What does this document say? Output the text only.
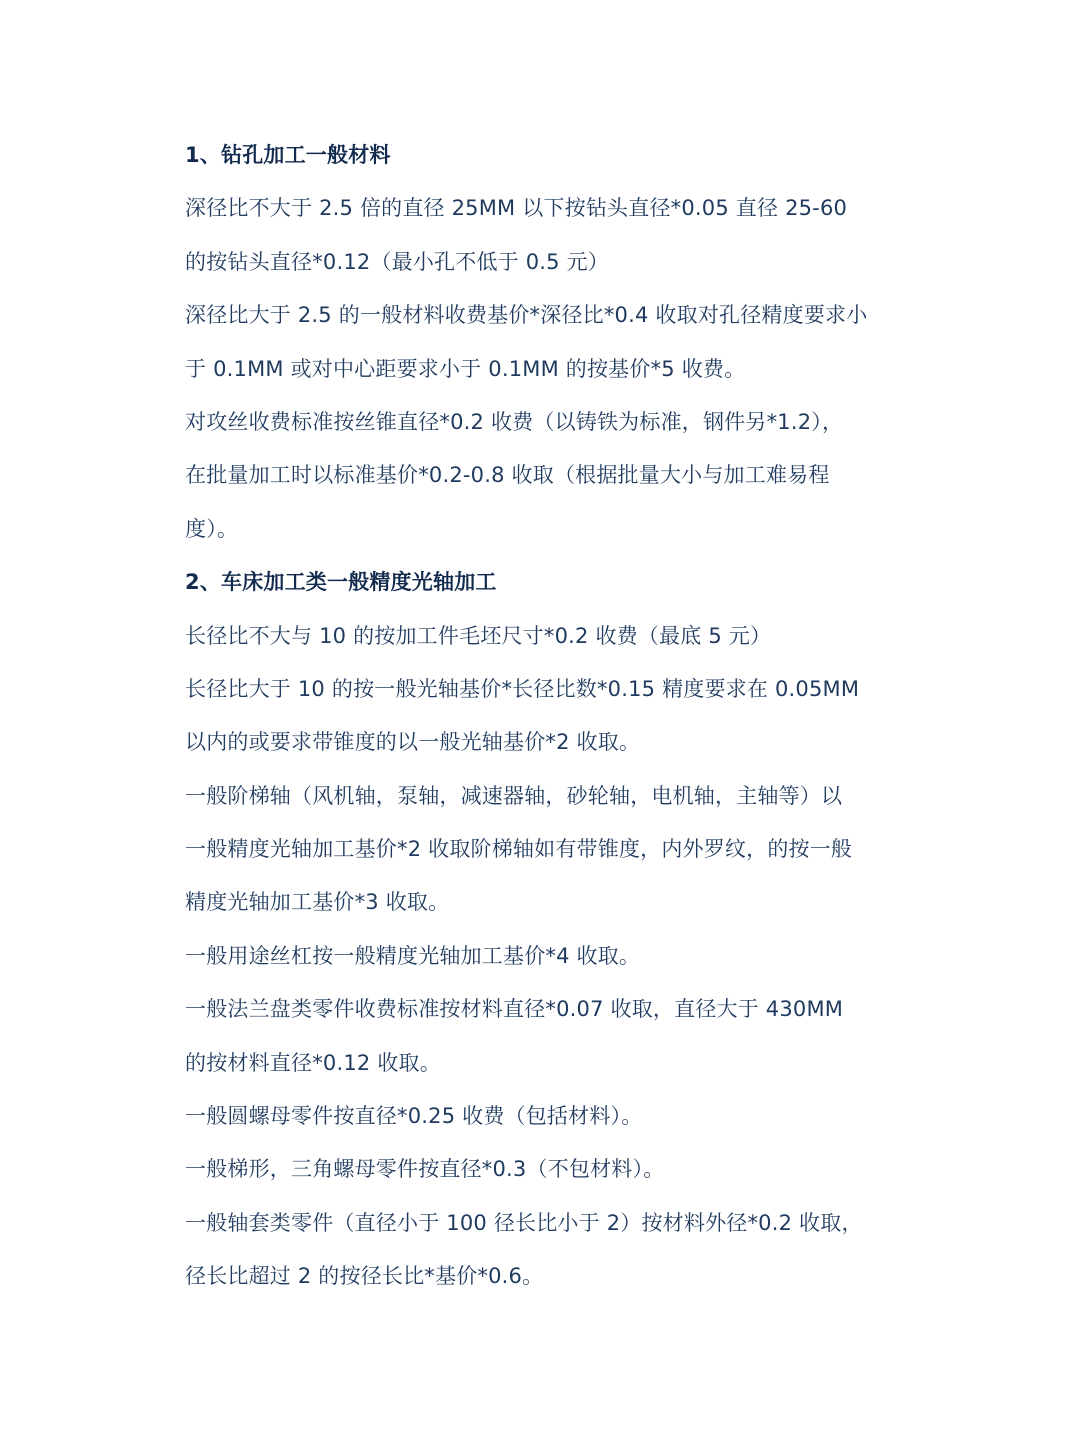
1、钻孔加工一般材料
深径比不大于 2.5 倍的直径 25MM 以下按钻头直径*0.05 直径 25-60
的按钻头直径*0.12（最小孔不低于 0.5 元）
深径比大于 2.5 的一般材料收费基价*深径比*0.4 收取对孔径精度要求小
于 0.1MM 或对中心距要求小于 0.1MM 的按基价*5 收费。
对攻丝收费标准按丝锥直径*0.2 收费（以铸铁为标准，钢件另*1.2），
在批量加工时以标准基价*0.2-0.8 收取（根据批量大小与加工难易程
度）。
2、车床加工类一般精度光轴加工
长径比不大与 10 的按加工件毛坯尺寸*0.2 收费（最底 5 元）
长径比大于 10 的按一般光轴基价*长径比数*0.15 精度要求在 0.05MM
以内的或要求带锥度的以一般光轴基价*2 收取。
一般阶梯轴（风机轴，泵轴，减速器轴，砂轮轴，电机轴，主轴等）以
一般精度光轴加工基价*2 收取阶梯轴如有带锥度，内外罗纹，的按一般
精度光轴加工基价*3 收取。
一般用途丝杠按一般精度光轴加工基价*4 收取。
一般法兰盘类零件收费标准按材料直径*0.07 收取，直径大于 430MM
的按材料直径*0.12 收取。
一般圆螺母零件按直径*0.25 收费（包括材料）。
一般梯形，三角螺母零件按直径*0.3（不包材料）。
一般轴套类零件（直径小于 100 径长比小于 2）按材料外径*0.2 收取，
径长比超过 2 的按径长比*基价*0.6。
